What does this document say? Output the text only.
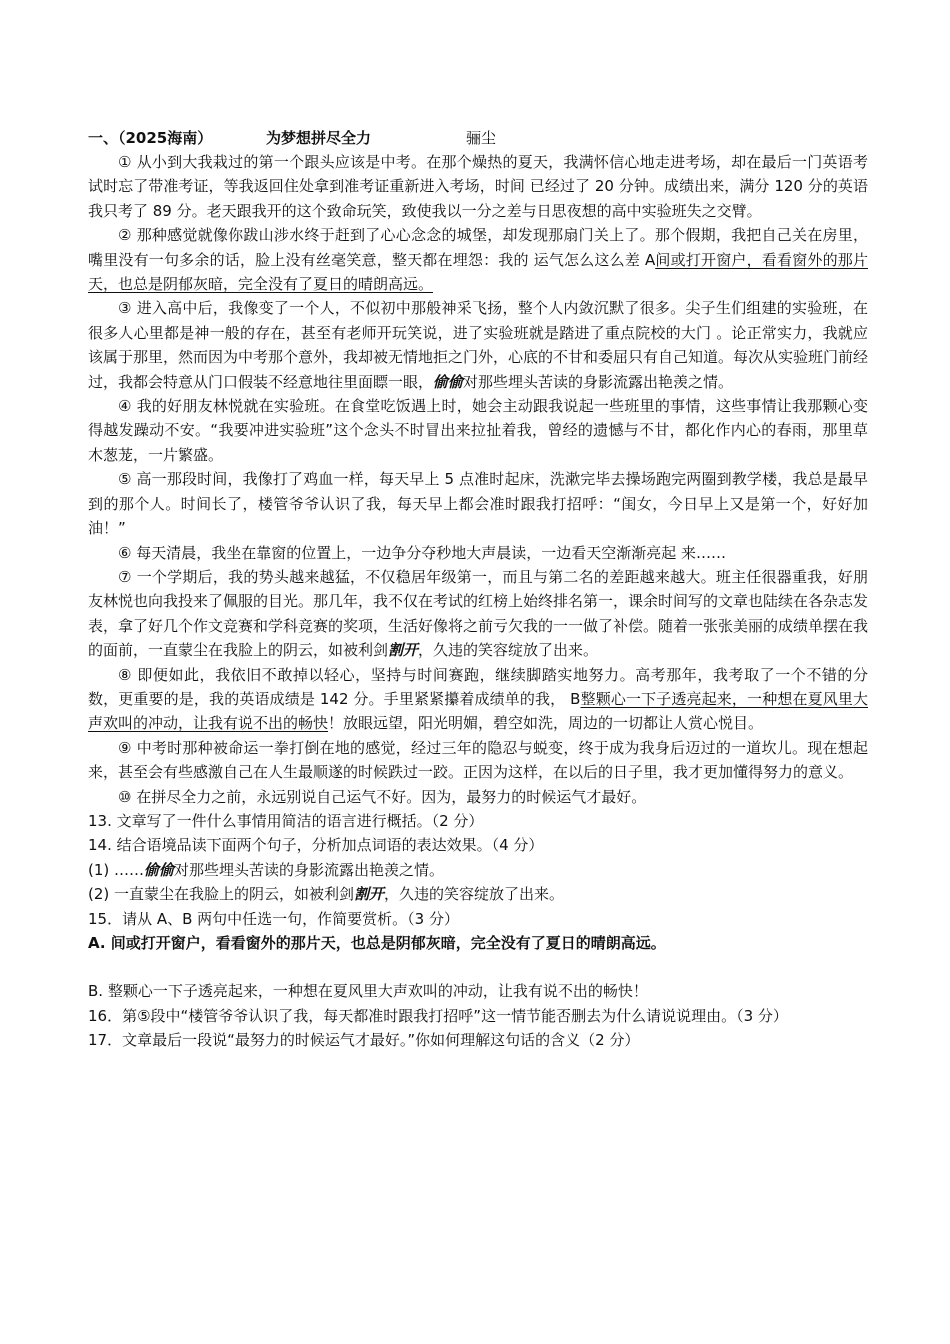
一、（2025海南）	为梦想拼尽全力	骊尘

① 从小到大我栽过的第一个跟头应该是中考。在那个燥热的夏天，我满怀信心地走进考场，却在最后一门英语考试时忘了带准考证，等我返回住处拿到准考证重新进入考场，时间 已经过了 20 分钟。成绩出来，满分 120 分的英语我只考了 89 分。老天跟我开的这个致命玩笑，致使我以一分之差与日思夜想的高中实验班失之交臂。

② 那种感觉就像你跋山涉水终于赶到了心心念念的城堡，却发现那扇门关上了。那个假期，我把自己关在房里，嘴里没有一句多余的话，脸上没有丝毫笑意，整天都在埋怨：我的 运气怎么这么差 A间或打开窗户，看看窗外的那片天，也总是阴郁灰暗，完全没有了夏日的晴朗高远。

③ 进入高中后，我像变了一个人，不似初中那般神采飞扬，整个人内敛沉默了很多。尖子生们组建的实验班，在很多人心里都是神一般的存在，甚至有老师开玩笑说，进了实验班就是踏进了重点院校的大门 。论正常实力，我就应该属于那里，然而因为中考那个意外，我却被无情地拒之门外，心底的不甘和委屈只有自己知道。每次从实验班门前经过，我都会特意从门口假装不经意地往里面瞟一眼，偷偷对那些埋头苦读的身影流露出艳羡之情。

④ 我的好朋友林悦就在实验班。在食堂吃饭遇上时，她会主动跟我说起一些班里的事情，这些事情让我那颗心变得越发躁动不安。“我要冲进实验班”这个念头不时冒出来拉扯着我，曾经的遗憾与不甘，都化作内心的春雨，那里草木葱茏，一片繁盛。

⑤ 高一那段时间，我像打了鸡血一样，每天早上 5 点准时起床，洗漱完毕去操场跑完两圈到教学楼，我总是最早到的那个人。时间长了，楼管爷爷认识了我，每天早上都会准时跟我打招呼：“闺女，今日早上又是第一个，好好加油！”

⑥ 每天清晨，我坐在靠窗的位置上，一边争分夺秒地大声晨读，一边看天空渐渐亮起 来……

⑦ 一个学期后，我的势头越来越猛，不仅稳居年级第一，而且与第二名的差距越来越大。班主任很器重我，好朋友林悦也向我投来了佩服的目光。那几年，我不仅在考试的红榜上始终排名第一，课余时间写的文章也陆续在各杂志发表，拿了好几个作文竞赛和学科竞赛的奖项，生活好像将之前亏欠我的一一做了补偿。随着一张张美丽的成绩单摆在我的面前，一直蒙尘在我脸上的阴云，如被利剑割开，久违的笑容绽放了出来。

⑧ 即便如此，我依旧不敢掉以轻心，坚持与时间赛跑，继续脚踏实地努力。高考那年，我考取了一个不错的分数，更重要的是，我的英语成绩是 142 分。手里紧紧攥着成绩单的我， B整颗心一下子透亮起来，一种想在夏风里大声欢叫的冲动，让我有说不出的畅快！放眼远望，阳光明媚，碧空如洗，周边的一切都让人赏心悦目。

⑨ 中考时那种被命运一拳打倒在地的感觉，经过三年的隐忍与蜕变，终于成为我身后迈过的一道坎儿。现在想起来，甚至会有些感激自己在人生最顺遂的时候跌过一跤。正因为这样，在以后的日子里，我才更加懂得努力的意义。

⑩ 在拼尽全力之前，永远别说自己运气不好。因为，最努力的时候运气才最好。

13. 文章写了一件什么事情用简洁的语言进行概括。（2 分）

14. 结合语境品读下面两个句子，分析加点词语的表达效果。（4 分）

(1) ……偷偷对那些埋头苦读的身影流露出艳羡之情。

(2) 一直蒙尘在我脸上的阴云，如被利剑割开，久违的笑容绽放了出来。

15．请从 A、B 两句中任选一句，作简要赏析。（3 分）

A. 间或打开窗户，看看窗外的那片天，也总是阴郁灰暗，完全没有了夏日的晴朗高远。

B. 整颗心一下子透亮起来，一种想在夏风里大声欢叫的冲动，让我有说不出的畅快！

16．第⑤段中“楼管爷爷认识了我，每天都准时跟我打招呼”这一情节能否删去为什么请说说理由。（3 分）

17．文章最后一段说“最努力的时候运气才最好。”你如何理解这句话的含义（2 分）
